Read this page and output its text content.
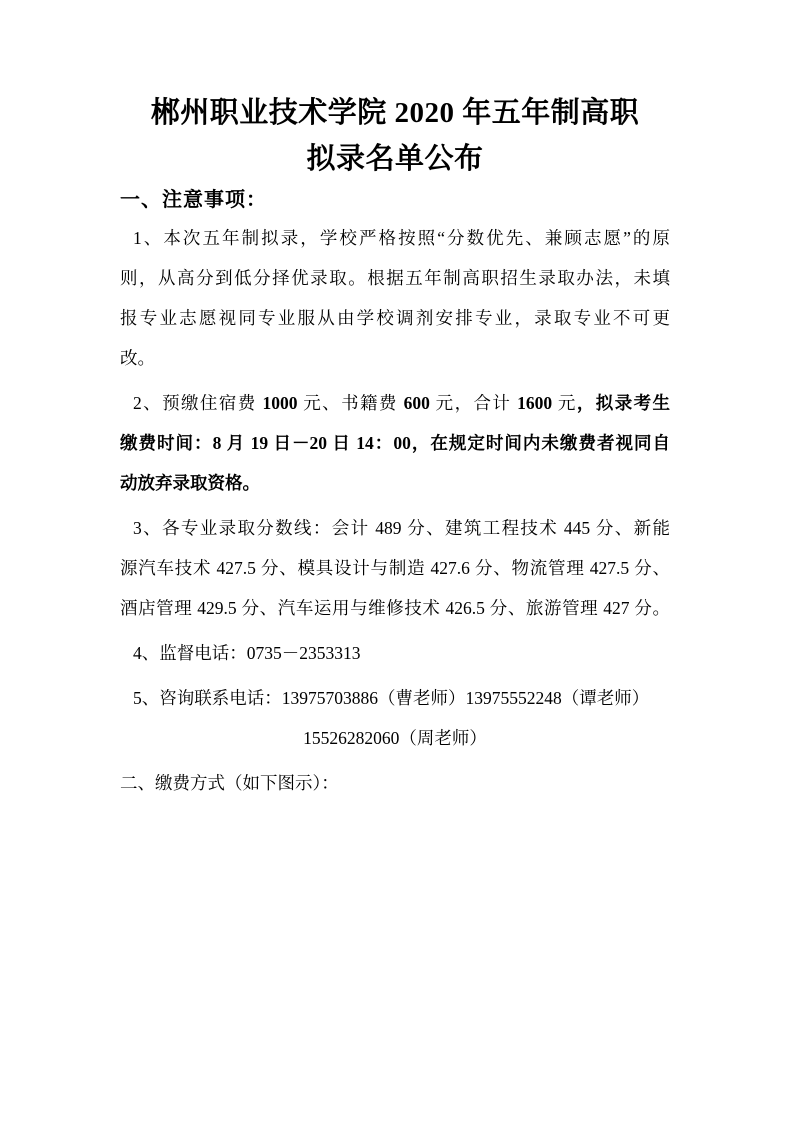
郴州职业技术学院 2020 年五年制高职
拟录名单公布
一、注意事项：
1、本次五年制拟录，学校严格按照“分数优先、兼顾志愿”的原
则，从高分到低分择优录取。根据五年制高职招生录取办法，未填
报专业志愿视同专业服从由学校调剂安排专业，录取专业不可更
改。
2、预缴住宿费 1000 元、书籍费 600 元，合计 1600 元，拟录考生
缴费时间：8 月 19 日－20 日 14：00，在规定时间内未缴费者视同自
动放弃录取资格。
3、各专业录取分数线：会计 489 分、建筑工程技术 445 分、新能
源汽车技术 427.5 分、模具设计与制造 427.6 分、物流管理 427.5 分、
酒店管理 429.5 分、汽车运用与维修技术 426.5 分、旅游管理 427 分。
4、监督电话：0735－2353313
5、咨询联系电话：13975703886（曹老师）13975552248（谭老师）
15526282060（周老师）
二、缴费方式（如下图示）：
